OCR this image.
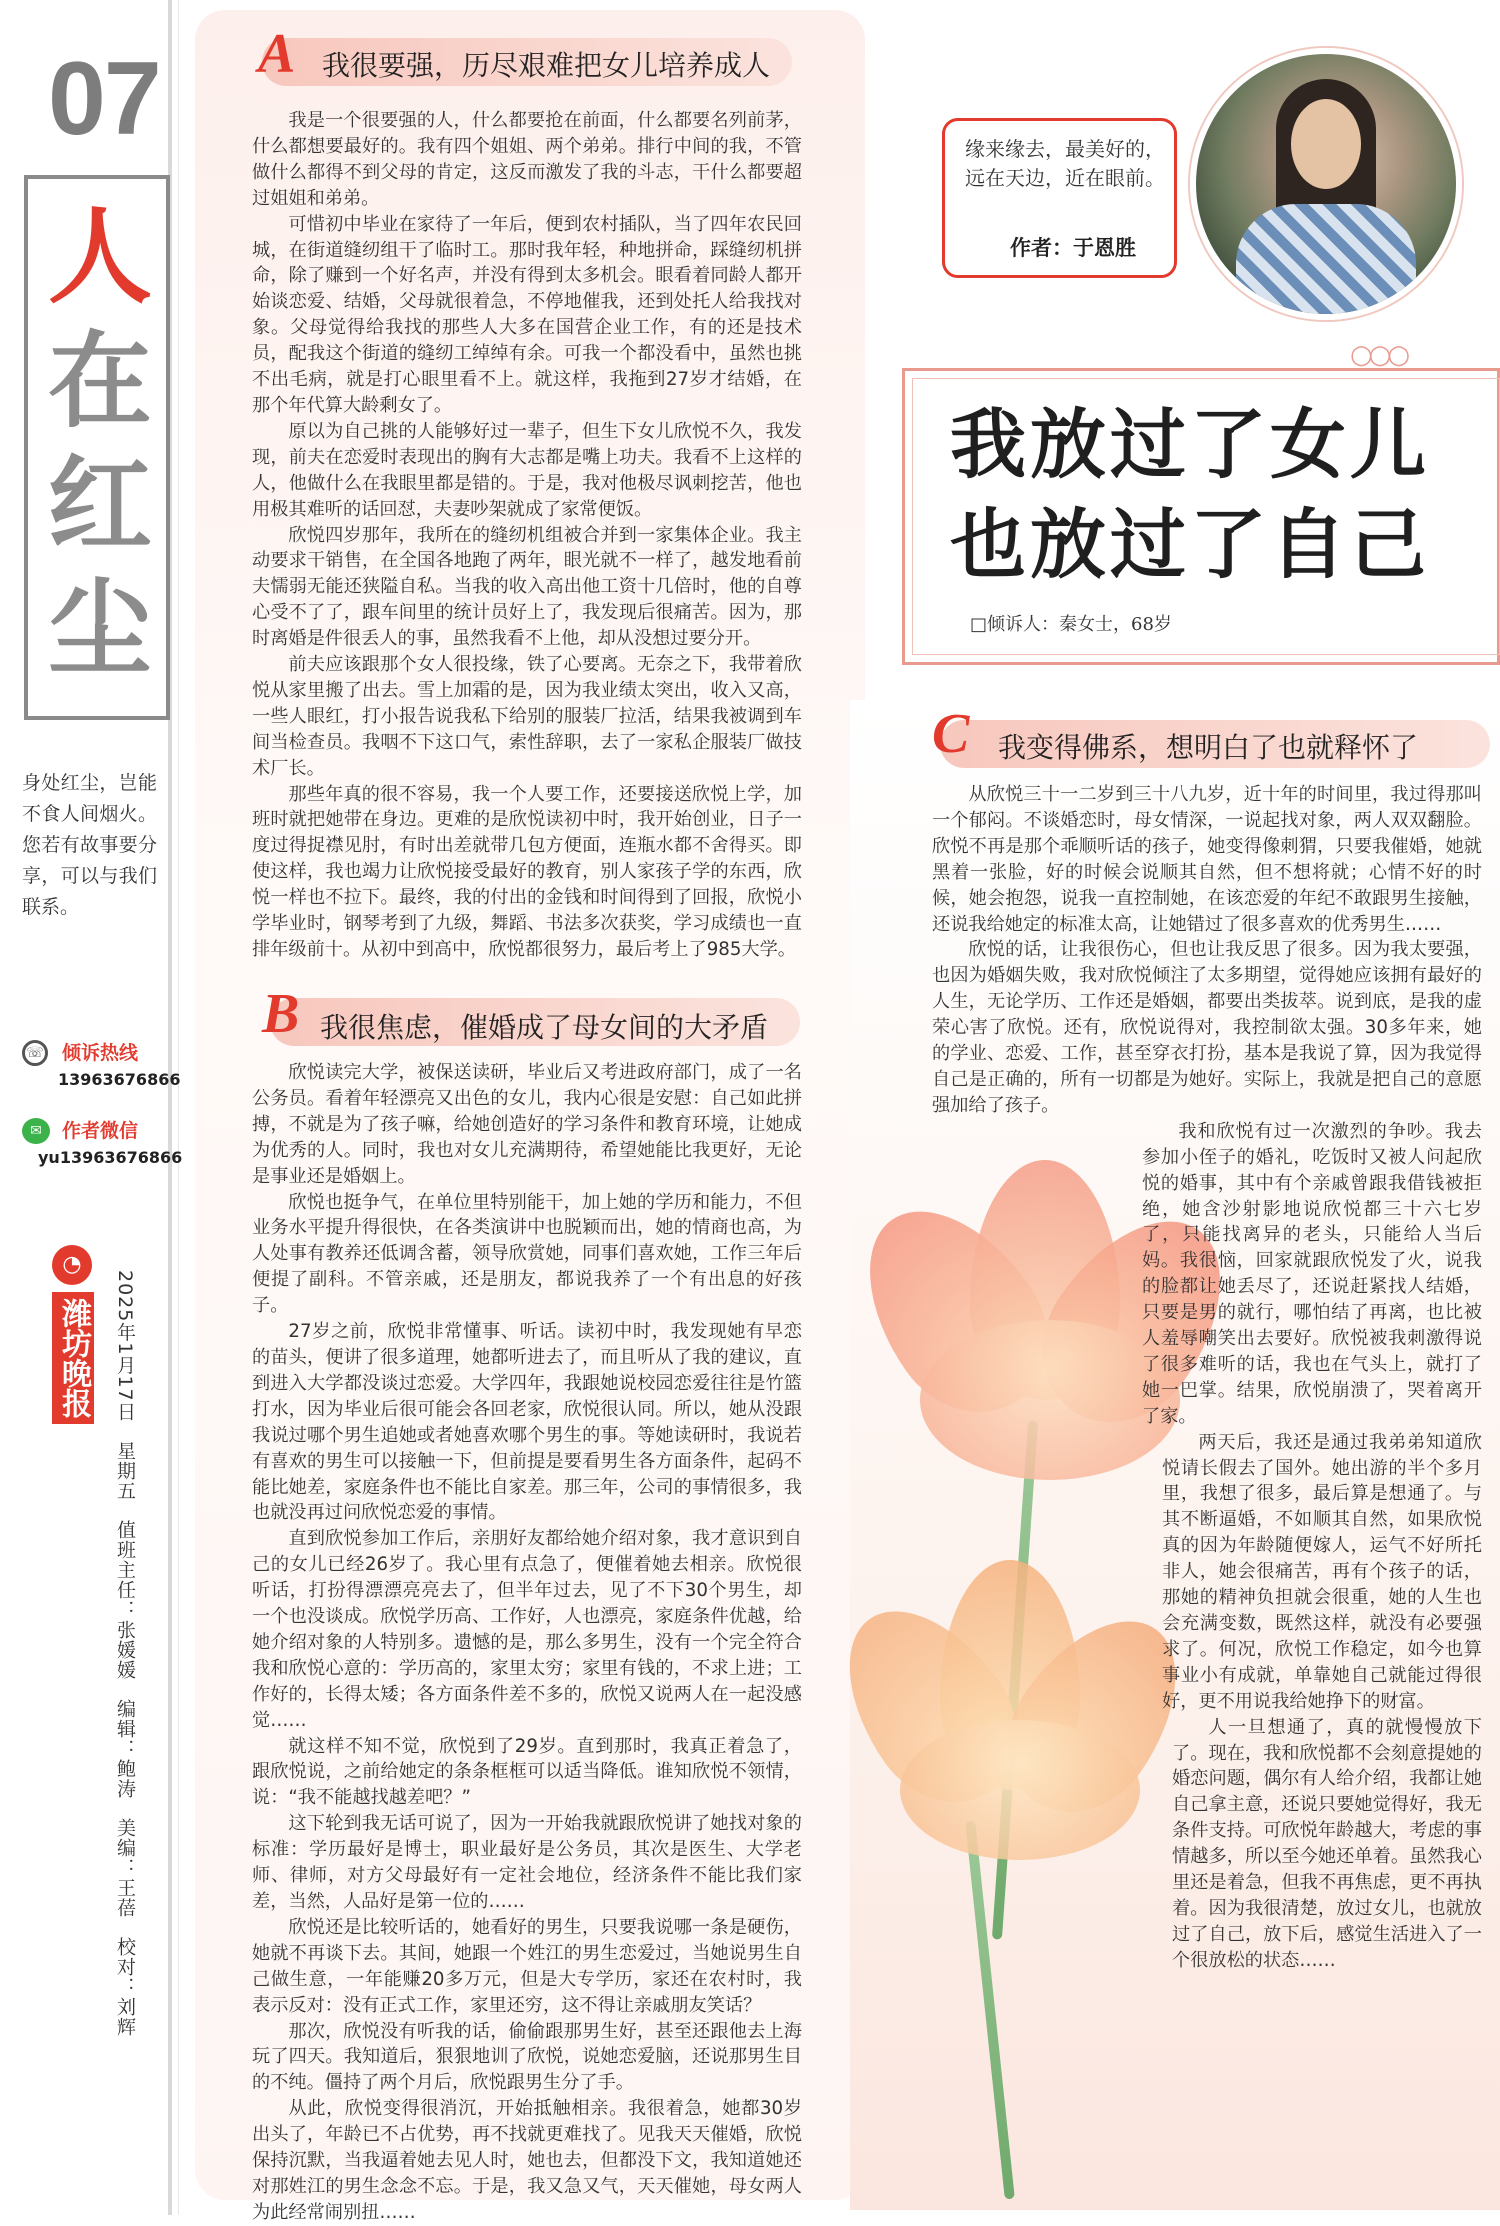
07
人
在
红
尘
身处红尘，岂能不食人间烟火。您若有故事要分享，可以与我们联系。
☏ 倾诉热线
13963676866
✉	作者微信
yu13963676866
◔
潍坊晚报 2025年1月17日 星期五 值班主任：张媛媛 编辑：鲍涛 美编：王蓓 校对：刘辉
A 我很要强，历尽艰难把女儿培养成人

我是一个很要强的人，什么都要抢在前面，什么都要名列前茅，什么都想要最好的。我有四个姐姐、两个弟弟。排行中间的我，不管做什么都得不到父母的肯定，这反而激发了我的斗志，干什么都要超过姐姐和弟弟。

可惜初中毕业在家待了一年后，便到农村插队，当了四年农民回城，在街道缝纫组干了临时工。那时我年轻，种地拼命，踩缝纫机拼命，除了赚到一个好名声，并没有得到太多机会。眼看着同龄人都开始谈恋爱、结婚，父母就很着急，不停地催我，还到处托人给我找对象。父母觉得给我找的那些人大多在国营企业工作，有的还是技术员，配我这个街道的缝纫工绰绰有余。可我一个都没看中，虽然也挑不出毛病，就是打心眼里看不上。就这样，我拖到27岁才结婚，在那个年代算大龄剩女了。

原以为自己挑的人能够好过一辈子，但生下女儿欣悦不久，我发现，前夫在恋爱时表现出的胸有大志都是嘴上功夫。我看不上这样的人，他做什么在我眼里都是错的。于是，我对他极尽讽刺挖苦，他也用极其难听的话回怼，夫妻吵架就成了家常便饭。

欣悦四岁那年，我所在的缝纫机组被合并到一家集体企业。我主动要求干销售，在全国各地跑了两年，眼光就不一样了，越发地看前夫懦弱无能还狭隘自私。当我的收入高出他工资十几倍时，他的自尊心受不了了，跟车间里的统计员好上了，我发现后很痛苦。因为，那时离婚是件很丢人的事，虽然我看不上他，却从没想过要分开。

前夫应该跟那个女人很投缘，铁了心要离。无奈之下，我带着欣悦从家里搬了出去。雪上加霜的是，因为我业绩太突出，收入又高，一些人眼红，打小报告说我私下给别的服装厂拉活，结果我被调到车间当检查员。我咽不下这口气，索性辞职，去了一家私企服装厂做技术厂长。

那些年真的很不容易，我一个人要工作，还要接送欣悦上学，加班时就把她带在身边。更难的是欣悦读初中时，我开始创业，日子一度过得捉襟见肘，有时出差就带几包方便面，连瓶水都不舍得买。即使这样，我也竭力让欣悦接受最好的教育，别人家孩子学的东西，欣悦一样也不拉下。最终，我的付出的金钱和时间得到了回报，欣悦小学毕业时，钢琴考到了九级，舞蹈、书法多次获奖，学习成绩也一直排年级前十。从初中到高中，欣悦都很努力，最后考上了985大学。

B 我很焦虑，催婚成了母女间的大矛盾

欣悦读完大学，被保送读研，毕业后又考进政府部门，成了一名公务员。看着年轻漂亮又出色的女儿，我内心很是安慰：自己如此拼搏，不就是为了孩子嘛，给她创造好的学习条件和教育环境，让她成为优秀的人。同时，我也对女儿充满期待，希望她能比我更好，无论是事业还是婚姻上。

欣悦也挺争气，在单位里特别能干，加上她的学历和能力，不但业务水平提升得很快，在各类演讲中也脱颖而出，她的情商也高，为人处事有教养还低调含蓄，领导欣赏她，同事们喜欢她，工作三年后便提了副科。不管亲戚，还是朋友，都说我养了一个有出息的好孩子。

27岁之前，欣悦非常懂事、听话。读初中时，我发现她有早恋的苗头，便讲了很多道理，她都听进去了，而且听从了我的建议，直到进入大学都没谈过恋爱。大学四年，我跟她说校园恋爱往往是竹篮打水，因为毕业后很可能会各回老家，欣悦很认同。所以，她从没跟我说过哪个男生追她或者她喜欢哪个男生的事。等她读研时，我说若有喜欢的男生可以接触一下，但前提是要看男生各方面条件，起码不能比她差，家庭条件也不能比自家差。那三年，公司的事情很多，我也就没再过问欣悦恋爱的事情。

直到欣悦参加工作后，亲朋好友都给她介绍对象，我才意识到自己的女儿已经26岁了。我心里有点急了，便催着她去相亲。欣悦很听话，打扮得漂漂亮亮去了，但半年过去，见了不下30个男生，却一个也没谈成。欣悦学历高、工作好，人也漂亮，家庭条件优越，给她介绍对象的人特别多。遗憾的是，那么多男生，没有一个完全符合我和欣悦心意的：学历高的，家里太穷；家里有钱的，不求上进；工作好的，长得太矮；各方面条件差不多的，欣悦又说两人在一起没感觉……

就这样不知不觉，欣悦到了29岁。直到那时，我真正着急了，跟欣悦说，之前给她定的条条框框可以适当降低。谁知欣悦不领情，说：“我不能越找越差吧？”

这下轮到我无话可说了，因为一开始我就跟欣悦讲了她找对象的标准：学历最好是博士，职业最好是公务员，其次是医生、大学老师、律师，对方父母最好有一定社会地位，经济条件不能比我们家差，当然，人品好是第一位的……

欣悦还是比较听话的，她看好的男生，只要我说哪一条是硬伤，她就不再谈下去。其间，她跟一个姓江的男生恋爱过，当她说男生自己做生意，一年能赚20多万元，但是大专学历，家还在农村时，我表示反对：没有正式工作，家里还穷，这不得让亲戚朋友笑话？

那次，欣悦没有听我的话，偷偷跟那男生好，甚至还跟他去上海玩了四天。我知道后，狠狠地训了欣悦，说她恋爱脑，还说那男生目的不纯。僵持了两个月后，欣悦跟男生分了手。

从此，欣悦变得很消沉，开始抵触相亲。我很着急，她都30岁出头了，年龄已不占优势，再不找就更难找了。见我天天催婚，欣悦保持沉默，当我逼着她去见人时，她也去，但都没下文，我知道她还对那姓江的男生念念不忘。于是，我又急又气，天天催她，母女两人为此经常闹别扭……

缘来缘去，最美好的，远在天边，近在眼前。
作者：于恩胜
○○○
我放过了女儿
也放过了自己
□倾诉人：秦女士，68岁
C 我变得佛系，想明白了也就释怀了

从欣悦三十一二岁到三十八九岁，近十年的时间里，我过得那叫一个郁闷。不谈婚恋时，母女情深，一说起找对象，两人双双翻脸。欣悦不再是那个乖顺听话的孩子，她变得像刺猬，只要我催婚，她就黑着一张脸，好的时候会说顺其自然，但不想将就；心情不好的时候，她会抱怨，说我一直控制她，在该恋爱的年纪不敢跟男生接触，还说我给她定的标准太高，让她错过了很多喜欢的优秀男生……

欣悦的话，让我很伤心，但也让我反思了很多。因为我太要强，也因为婚姻失败，我对欣悦倾注了太多期望，觉得她应该拥有最好的人生，无论学历、工作还是婚姻，都要出类拔萃。说到底，是我的虚荣心害了欣悦。还有，欣悦说得对，我控制欲太强。30多年来，她的学业、恋爱、工作，甚至穿衣打扮，基本是我说了算，因为我觉得自己是正确的，所有一切都是为她好。实际上，我就是把自己的意愿强加给了孩子。

我和欣悦有过一次激烈的争吵。我去参加小侄子的婚礼，吃饭时又被人问起欣悦的婚事，其中有个亲戚曾跟我借钱被拒绝，她含沙射影地说欣悦都三十六七岁了，只能找离异的老头，只能给人当后妈。我很恼，回家就跟欣悦发了火，说我的脸都让她丢尽了，还说赶紧找人结婚，只要是男的就行，哪怕结了再离，也比被人羞辱嘲笑出去要好。欣悦被我刺激得说了很多难听的话，我也在气头上，就打了她一巴掌。结果，欣悦崩溃了，哭着离开了家。

两天后，我还是通过我弟弟知道欣悦请长假去了国外。她出游的半个多月里，我想了很多，最后算是想通了。与其不断逼婚，不如顺其自然，如果欣悦真的因为年龄随便嫁人，运气不好所托非人，她会很痛苦，再有个孩子的话，那她的精神负担就会很重，她的人生也会充满变数，既然这样，就没有必要强求了。何况，欣悦工作稳定，如今也算事业小有成就，单靠她自己就能过得很好，更不用说我给她挣下的财富。

人一旦想通了，真的就慢慢放下了。现在，我和欣悦都不会刻意提她的婚恋问题，偶尔有人给介绍，我都让她自己拿主意，还说只要她觉得好，我无条件支持。可欣悦年龄越大，考虑的事情越多，所以至今她还单着。虽然我心里还是着急，但我不再焦虑，更不再执着。因为我很清楚，放过女儿，也就放过了自己，放下后，感觉生活进入了一个很放松的状态……
